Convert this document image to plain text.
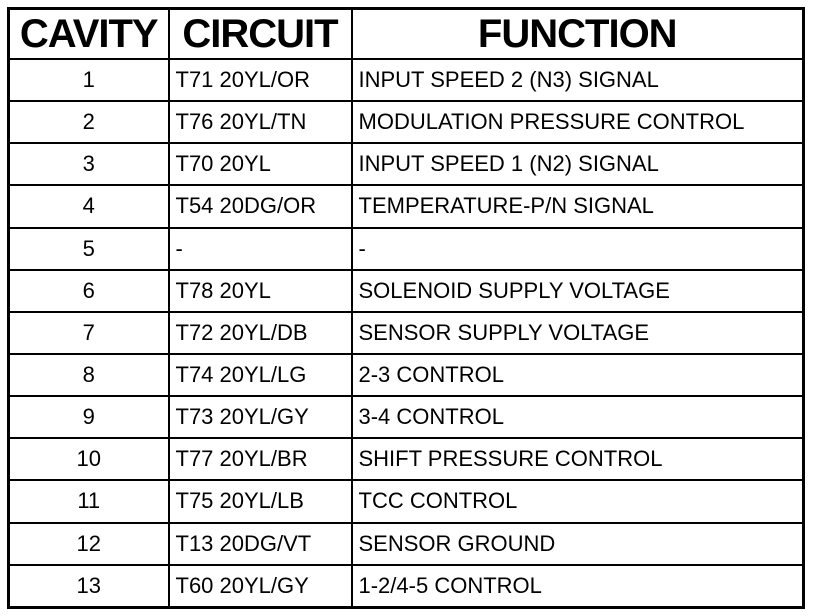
CAVITY	CIRCUIT	FUNCTION
1	T71 20YL/OR	INPUT SPEED 2 (N3) SIGNAL
2	T76 20YL/TN	MODULATION PRESSURE CONTROL
3	T70 20YL	INPUT SPEED 1 (N2) SIGNAL
4	T54 20DG/OR	TEMPERATURE-P/N SIGNAL
5	-	-
6	T78 20YL	SOLENOID SUPPLY VOLTAGE
7	T72 20YL/DB	SENSOR SUPPLY VOLTAGE
8	T74 20YL/LG	2-3 CONTROL
9	T73 20YL/GY	3-4 CONTROL
10	T77 20YL/BR	SHIFT PRESSURE CONTROL
11	T75 20YL/LB	TCC CONTROL
12	T13 20DG/VT	SENSOR GROUND
13	T60 20YL/GY	1-2/4-5 CONTROL
